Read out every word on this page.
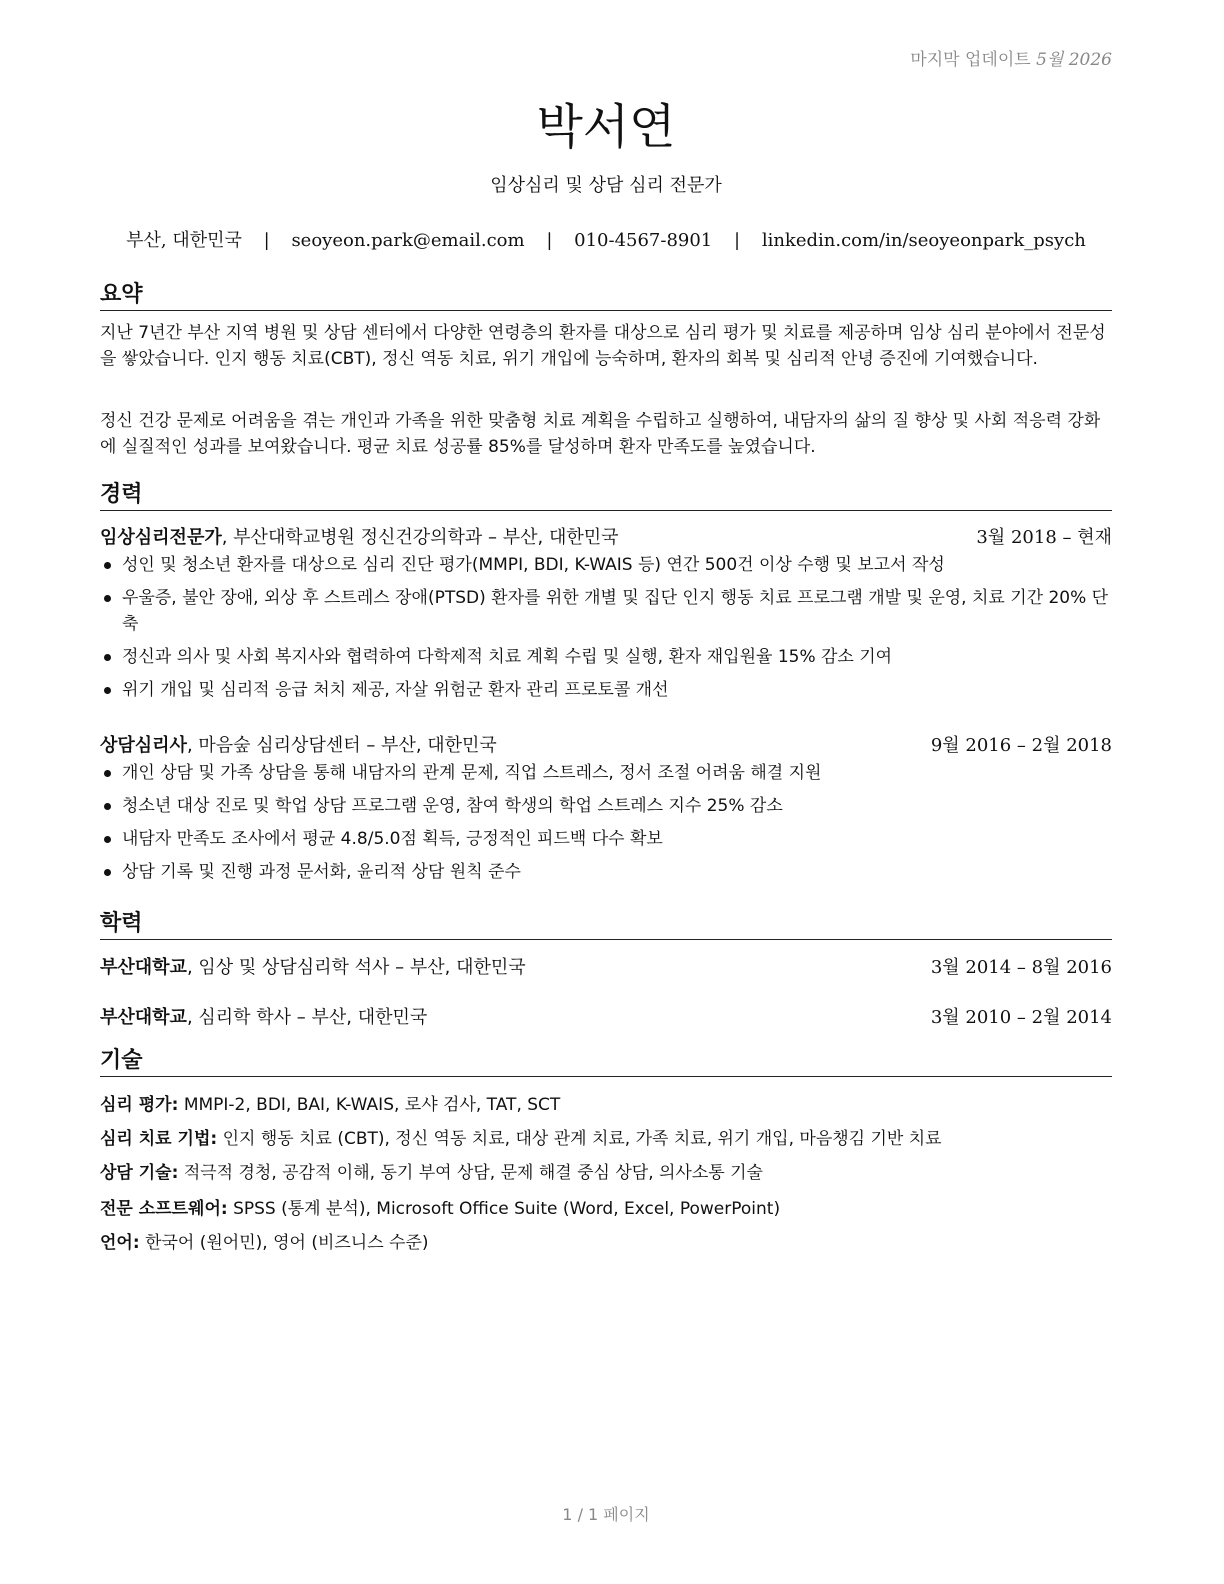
마지막 업데이트 5월 2026
박서연
임상심리 및 상담 심리 전문가
부산, 대한민국 | seoyeon.park@email.com | 010-4567-8901 | linkedin.com/in/seoyeonpark_psych
요약

지난 7년간 부산 지역 병원 및 상담 센터에서 다양한 연령층의 환자를 대상으로 심리 평가 및 치료를 제공하며 임상 심리 분야에서 전문성을 쌓았습니다. 인지 행동 치료(CBT), 정신 역동 치료, 위기 개입에 능숙하며, 환자의 회복 및 심리적 안녕 증진에 기여했습니다.

정신 건강 문제로 어려움을 겪는 개인과 가족을 위한 맞춤형 치료 계획을 수립하고 실행하여, 내담자의 삶의 질 향상 및 사회 적응력 강화에 실질적인 성과를 보여왔습니다. 평균 치료 성공률 85%를 달성하며 환자 만족도를 높였습니다.

경력
임상심리전문가, 부산대학교병원 정신건강의학과 – 부산, 대한민국	3월 2018 – 현재
성인 및 청소년 환자를 대상으로 심리 진단 평가(MMPI, BDI, K-WAIS 등) 연간 500건 이상 수행 및 보고서 작성
우울증, 불안 장애, 외상 후 스트레스 장애(PTSD) 환자를 위한 개별 및 집단 인지 행동 치료 프로그램 개발 및 운영, 치료 기간 20% 단축
정신과 의사 및 사회 복지사와 협력하여 다학제적 치료 계획 수립 및 실행, 환자 재입원율 15% 감소 기여
위기 개입 및 심리적 응급 처치 제공, 자살 위험군 환자 관리 프로토콜 개선
상담심리사, 마음숲 심리상담센터 – 부산, 대한민국	9월 2016 – 2월 2018
개인 상담 및 가족 상담을 통해 내담자의 관계 문제, 직업 스트레스, 정서 조절 어려움 해결 지원
청소년 대상 진로 및 학업 상담 프로그램 운영, 참여 학생의 학업 스트레스 지수 25% 감소
내담자 만족도 조사에서 평균 4.8/5.0점 획득, 긍정적인 피드백 다수 확보
상담 기록 및 진행 과정 문서화, 윤리적 상담 원칙 준수
학력
부산대학교, 임상 및 상담심리학 석사 – 부산, 대한민국	3월 2014 – 8월 2016
부산대학교, 심리학 학사 – 부산, 대한민국	3월 2010 – 2월 2014
기술
심리 평가: MMPI-2, BDI, BAI, K-WAIS, 로샤 검사, TAT, SCT
심리 치료 기법: 인지 행동 치료 (CBT), 정신 역동 치료, 대상 관계 치료, 가족 치료, 위기 개입, 마음챙김 기반 치료
상담 기술: 적극적 경청, 공감적 이해, 동기 부여 상담, 문제 해결 중심 상담, 의사소통 기술
전문 소프트웨어: SPSS (통계 분석), Microsoft Office Suite (Word, Excel, PowerPoint)
언어: 한국어 (원어민), 영어 (비즈니스 수준)
1 / 1 페이지
